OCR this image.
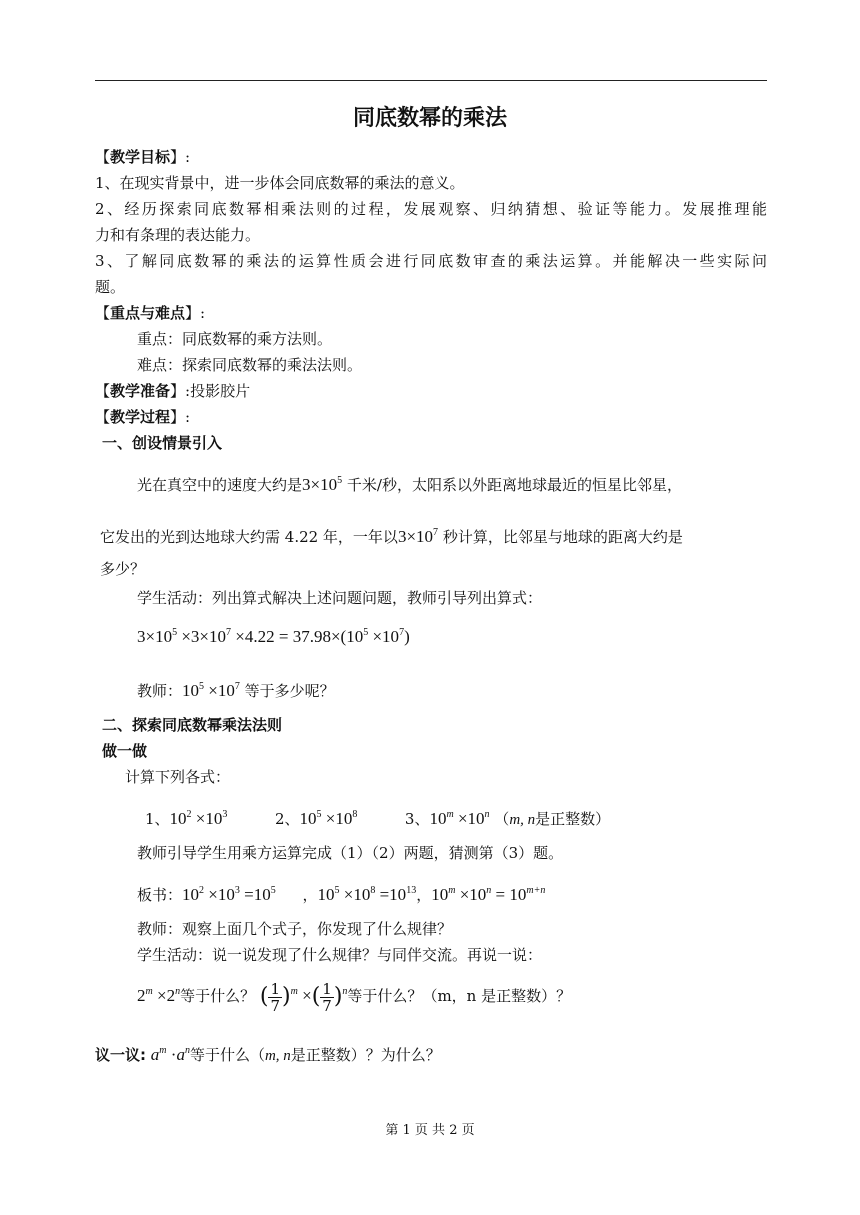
同底数幂的乘法
【教学目标】:
1、在现实背景中，进一步体会同底数幂的乘法的意义。
2、经历探索同底数幂相乘法则的过程，发展观察、归纳猜想、验证等能力。发展推理能
力和有条理的表达能力。
3、了解同底数幂的乘法的运算性质会进行同底数审查的乘法运算。并能解决一些实际问
题。
【重点与难点】:
重点：同底数幂的乘方法则。
难点：探索同底数幂的乘法法则。
【教学准备】:投影胶片
【教学过程】:
一、创设情景引入
光在真空中的速度大约是$3\times 10^5$ 千米/秒，太阳系以外距离地球最近的恒星比邻星，
它发出的光到达地球大约需 4.22 年，一年以$3\times 10^7$ 秒计算，比邻星与地球的距离大约是
多少？
学生活动：列出算式解决上述问题问题，教师引导列出算式：
$3\times 10^5 \times 3\times 10^7 \times 4.22 = 37.98\times(10^5 \times 10^7)$
教师：$10^5 \times 10^7$ 等于多少呢？
二、探索同底数幂乘法法则
做一做
计算下列各式：
1、$10^2 \times 10^3$	2、$10^5 \times 10^8$	3、$10^m \times 10^n$ （m, n是正整数）
教师引导学生用乘方运算完成（1）（2）两题，猜测第（3）题。
板书：$10^2 \times 10^3 =10^5$ ，$10^5 \times 10^8 =10^{13}$，$10^m \times 10^n = 10^{m+n}$
教师：观察上面几个式子，你发现了什么规律？
学生活动：说一说发现了什么规律？与同伴交流。再说一说：
$2^m \times 2^n$等于什么？ ( $\frac{1}{7} )^m$ ×( $\frac{1}{7} )^n$等于什么？（m，n 是正整数）？
议一议: $a^m \cdot a^n$等于什么（m, n是正整数）？为什么？
第 1 页 共 2 页
